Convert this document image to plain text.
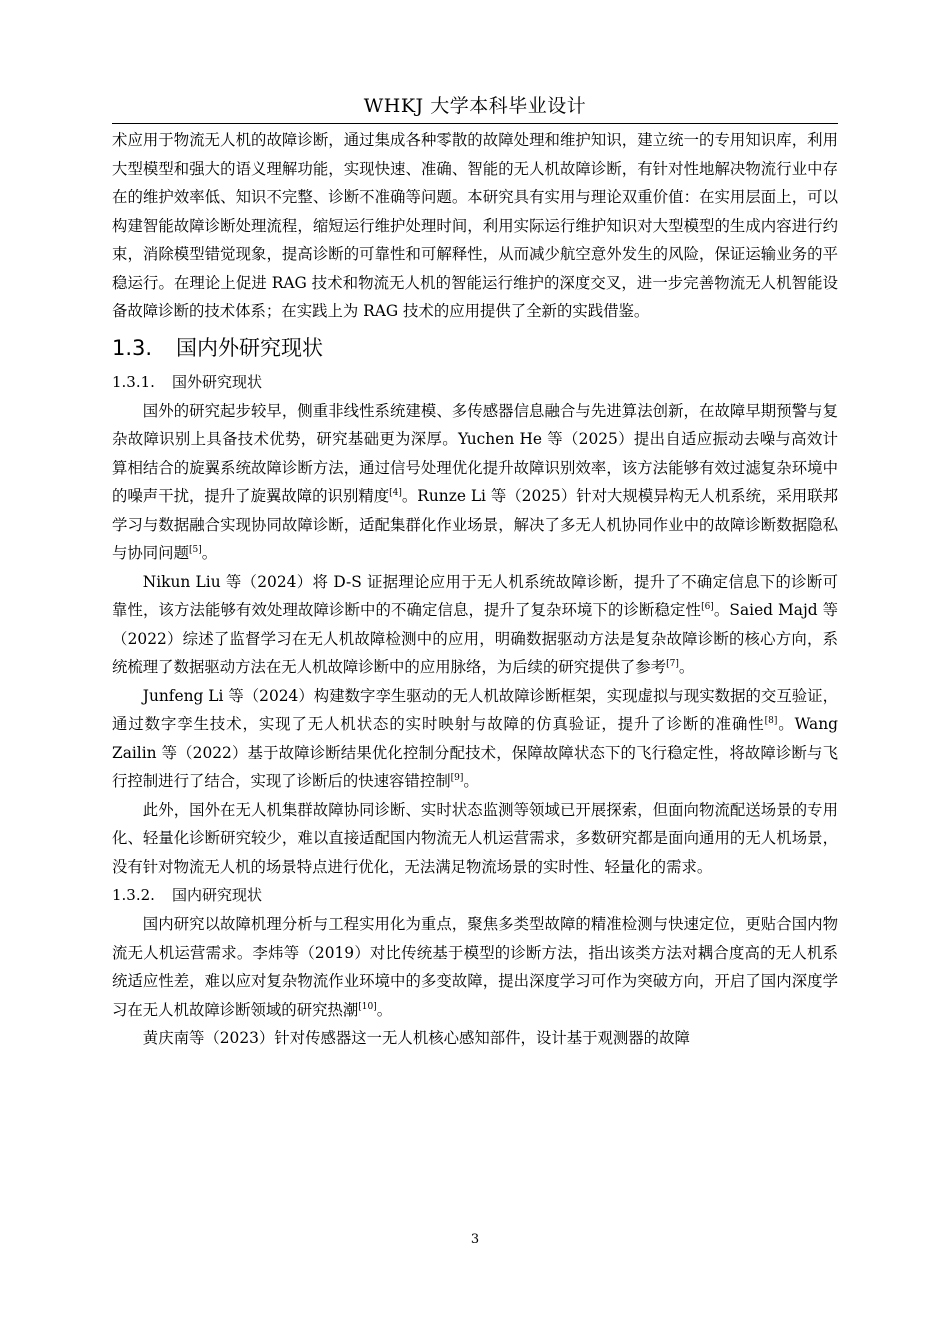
WHKJ 大学本科毕业设计

术应用于物流无人机的故障诊断，通过集成各种零散的故障处理和维护知识，建立统一的专用知识库，利用大型模型和强大的语义理解功能，实现快速、准确、智能的无人机故障诊断，有针对性地解决物流行业中存在的维护效率低、知识不完整、诊断不准确等问题。本研究具有实用与理论双重价值：在实用层面上，可以构建智能故障诊断处理流程，缩短运行维护处理时间，利用实际运行维护知识对大型模型的生成内容进行约束，消除模型错觉现象，提高诊断的可靠性和可解释性，从而减少航空意外发生的风险，保证运输业务的平稳运行。在理论上促进 RAG 技术和物流无人机的智能运行维护的深度交叉，进一步完善物流无人机智能设备故障诊断的技术体系；在实践上为 RAG 技术的应用提供了全新的实践借鉴。

1.3. 国内外研究现状
1.3.1. 国外研究现状

国外的研究起步较早，侧重非线性系统建模、多传感器信息融合与先进算法创新，在故障早期预警与复杂故障识别上具备技术优势，研究基础更为深厚。Yuchen He 等（2025）提出自适应振动去噪与高效计算相结合的旋翼系统故障诊断方法，通过信号处理优化提升故障识别效率，该方法能够有效过滤复杂环境中的噪声干扰，提升了旋翼故障的识别精度[4]。Runze Li 等（2025）针对大规模异构无人机系统，采用联邦学习与数据融合实现协同故障诊断，适配集群化作业场景，解决了多无人机协同作业中的故障诊断数据隐私与协同问题[5]。

Nikun Liu 等（2024）将 D-S 证据理论应用于无人机系统故障诊断，提升了不确定信息下的诊断可靠性，该方法能够有效处理故障诊断中的不确定信息，提升了复杂环境下的诊断稳定性[6]。Saied Majd 等（2022）综述了监督学习在无人机故障检测中的应用，明确数据驱动方法是复杂故障诊断的核心方向，系统梳理了数据驱动方法在无人机故障诊断中的应用脉络，为后续的研究提供了参考[7]。

Junfeng Li 等（2024）构建数字孪生驱动的无人机故障诊断框架，实现虚拟与现实数据的交互验证，通过数字孪生技术，实现了无人机状态的实时映射与故障的仿真验证，提升了诊断的准确性[8]。Wang Zailin 等（2022）基于故障诊断结果优化控制分配技术，保障故障状态下的飞行稳定性，将故障诊断与飞行控制进行了结合，实现了诊断后的快速容错控制[9]。

此外，国外在无人机集群故障协同诊断、实时状态监测等领域已开展探索，但面向物流配送场景的专用化、轻量化诊断研究较少，难以直接适配国内物流无人机运营需求，多数研究都是面向通用的无人机场景，没有针对物流无人机的场景特点进行优化，无法满足物流场景的实时性、轻量化的需求。

1.3.2. 国内研究现状

国内研究以故障机理分析与工程实用化为重点，聚焦多类型故障的精准检测与快速定位，更贴合国内物流无人机运营需求。李炜等（2019）对比传统基于模型的诊断方法，指出该类方法对耦合度高的无人机系统适应性差，难以应对复杂物流作业环境中的多变故障，提出深度学习可作为突破方向，开启了国内深度学习在无人机故障诊断领域的研究热潮[10]。

黄庆南等（2023）针对传感器这一无人机核心感知部件，设计基于观测器的故障

3
